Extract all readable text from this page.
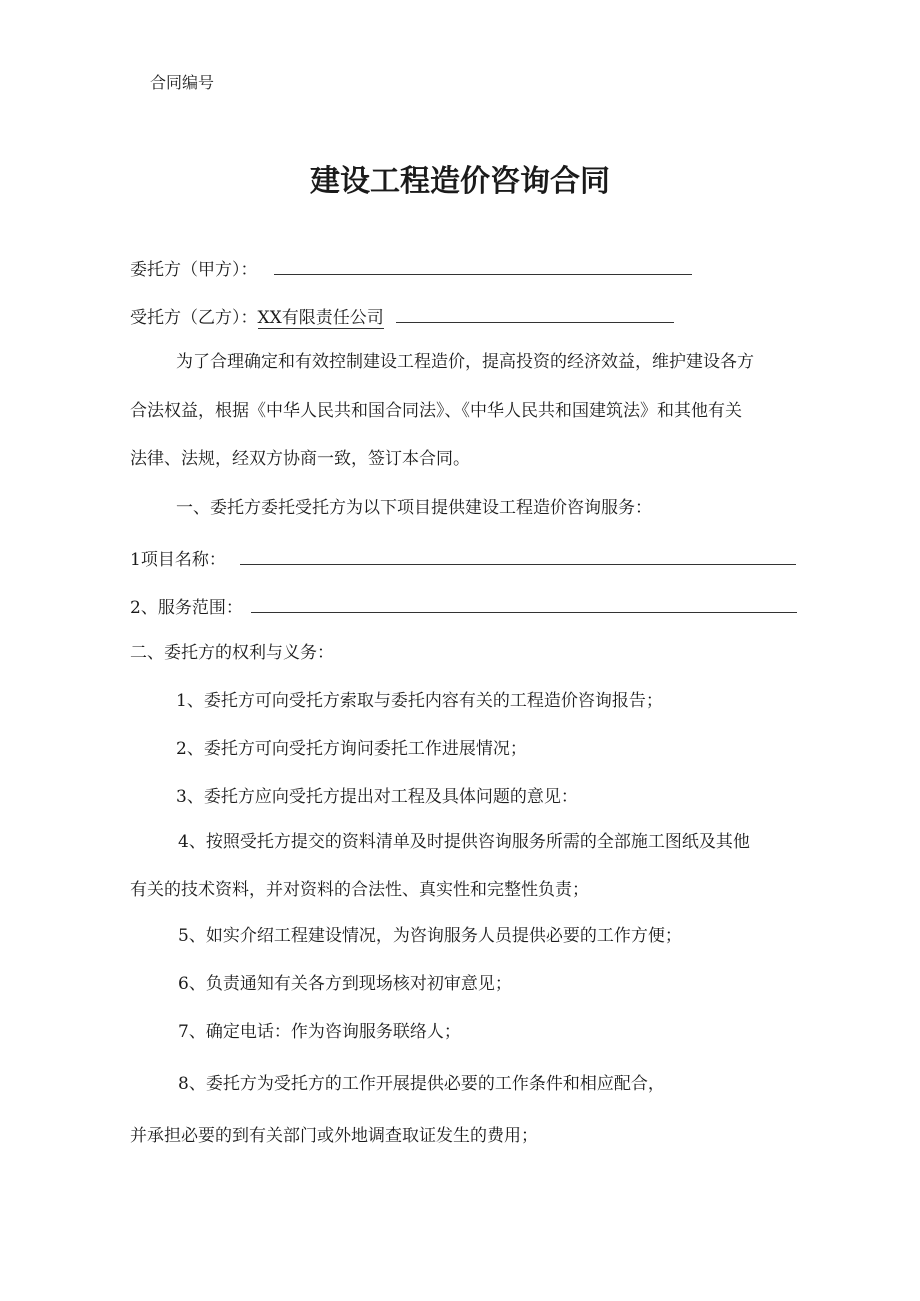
合同编号
建设工程造价咨询合同
委托方（甲方）：
受托方（乙方）：XX有限责任公司
为了合理确定和有效控制建设工程造价，提高投资的经济效益，维护建设各方
合法权益，根据《中华人民共和国合同法》、《中华人民共和国建筑法》和其他有关
法律、法规，经双方协商一致，签订本合同。
一、委托方委托受托方为以下项目提供建设工程造价咨询服务：
1项目名称：
2、服务范围：
二、委托方的权利与义务：
1、委托方可向受托方索取与委托内容有关的工程造价咨询报告；
2、委托方可向受托方询问委托工作进展情况；
3、委托方应向受托方提出对工程及具体问题的意见：
4、按照受托方提交的资料清单及时提供咨询服务所需的全部施工图纸及其他
有关的技术资料，并对资料的合法性、真实性和完整性负责；
5、如实介绍工程建设情况，为咨询服务人员提供必要的工作方便；
6、负责通知有关各方到现场核对初审意见；
7、确定电话：作为咨询服务联络人；
8、委托方为受托方的工作开展提供必要的工作条件和相应配合，
并承担必要的到有关部门或外地调查取证发生的费用；
